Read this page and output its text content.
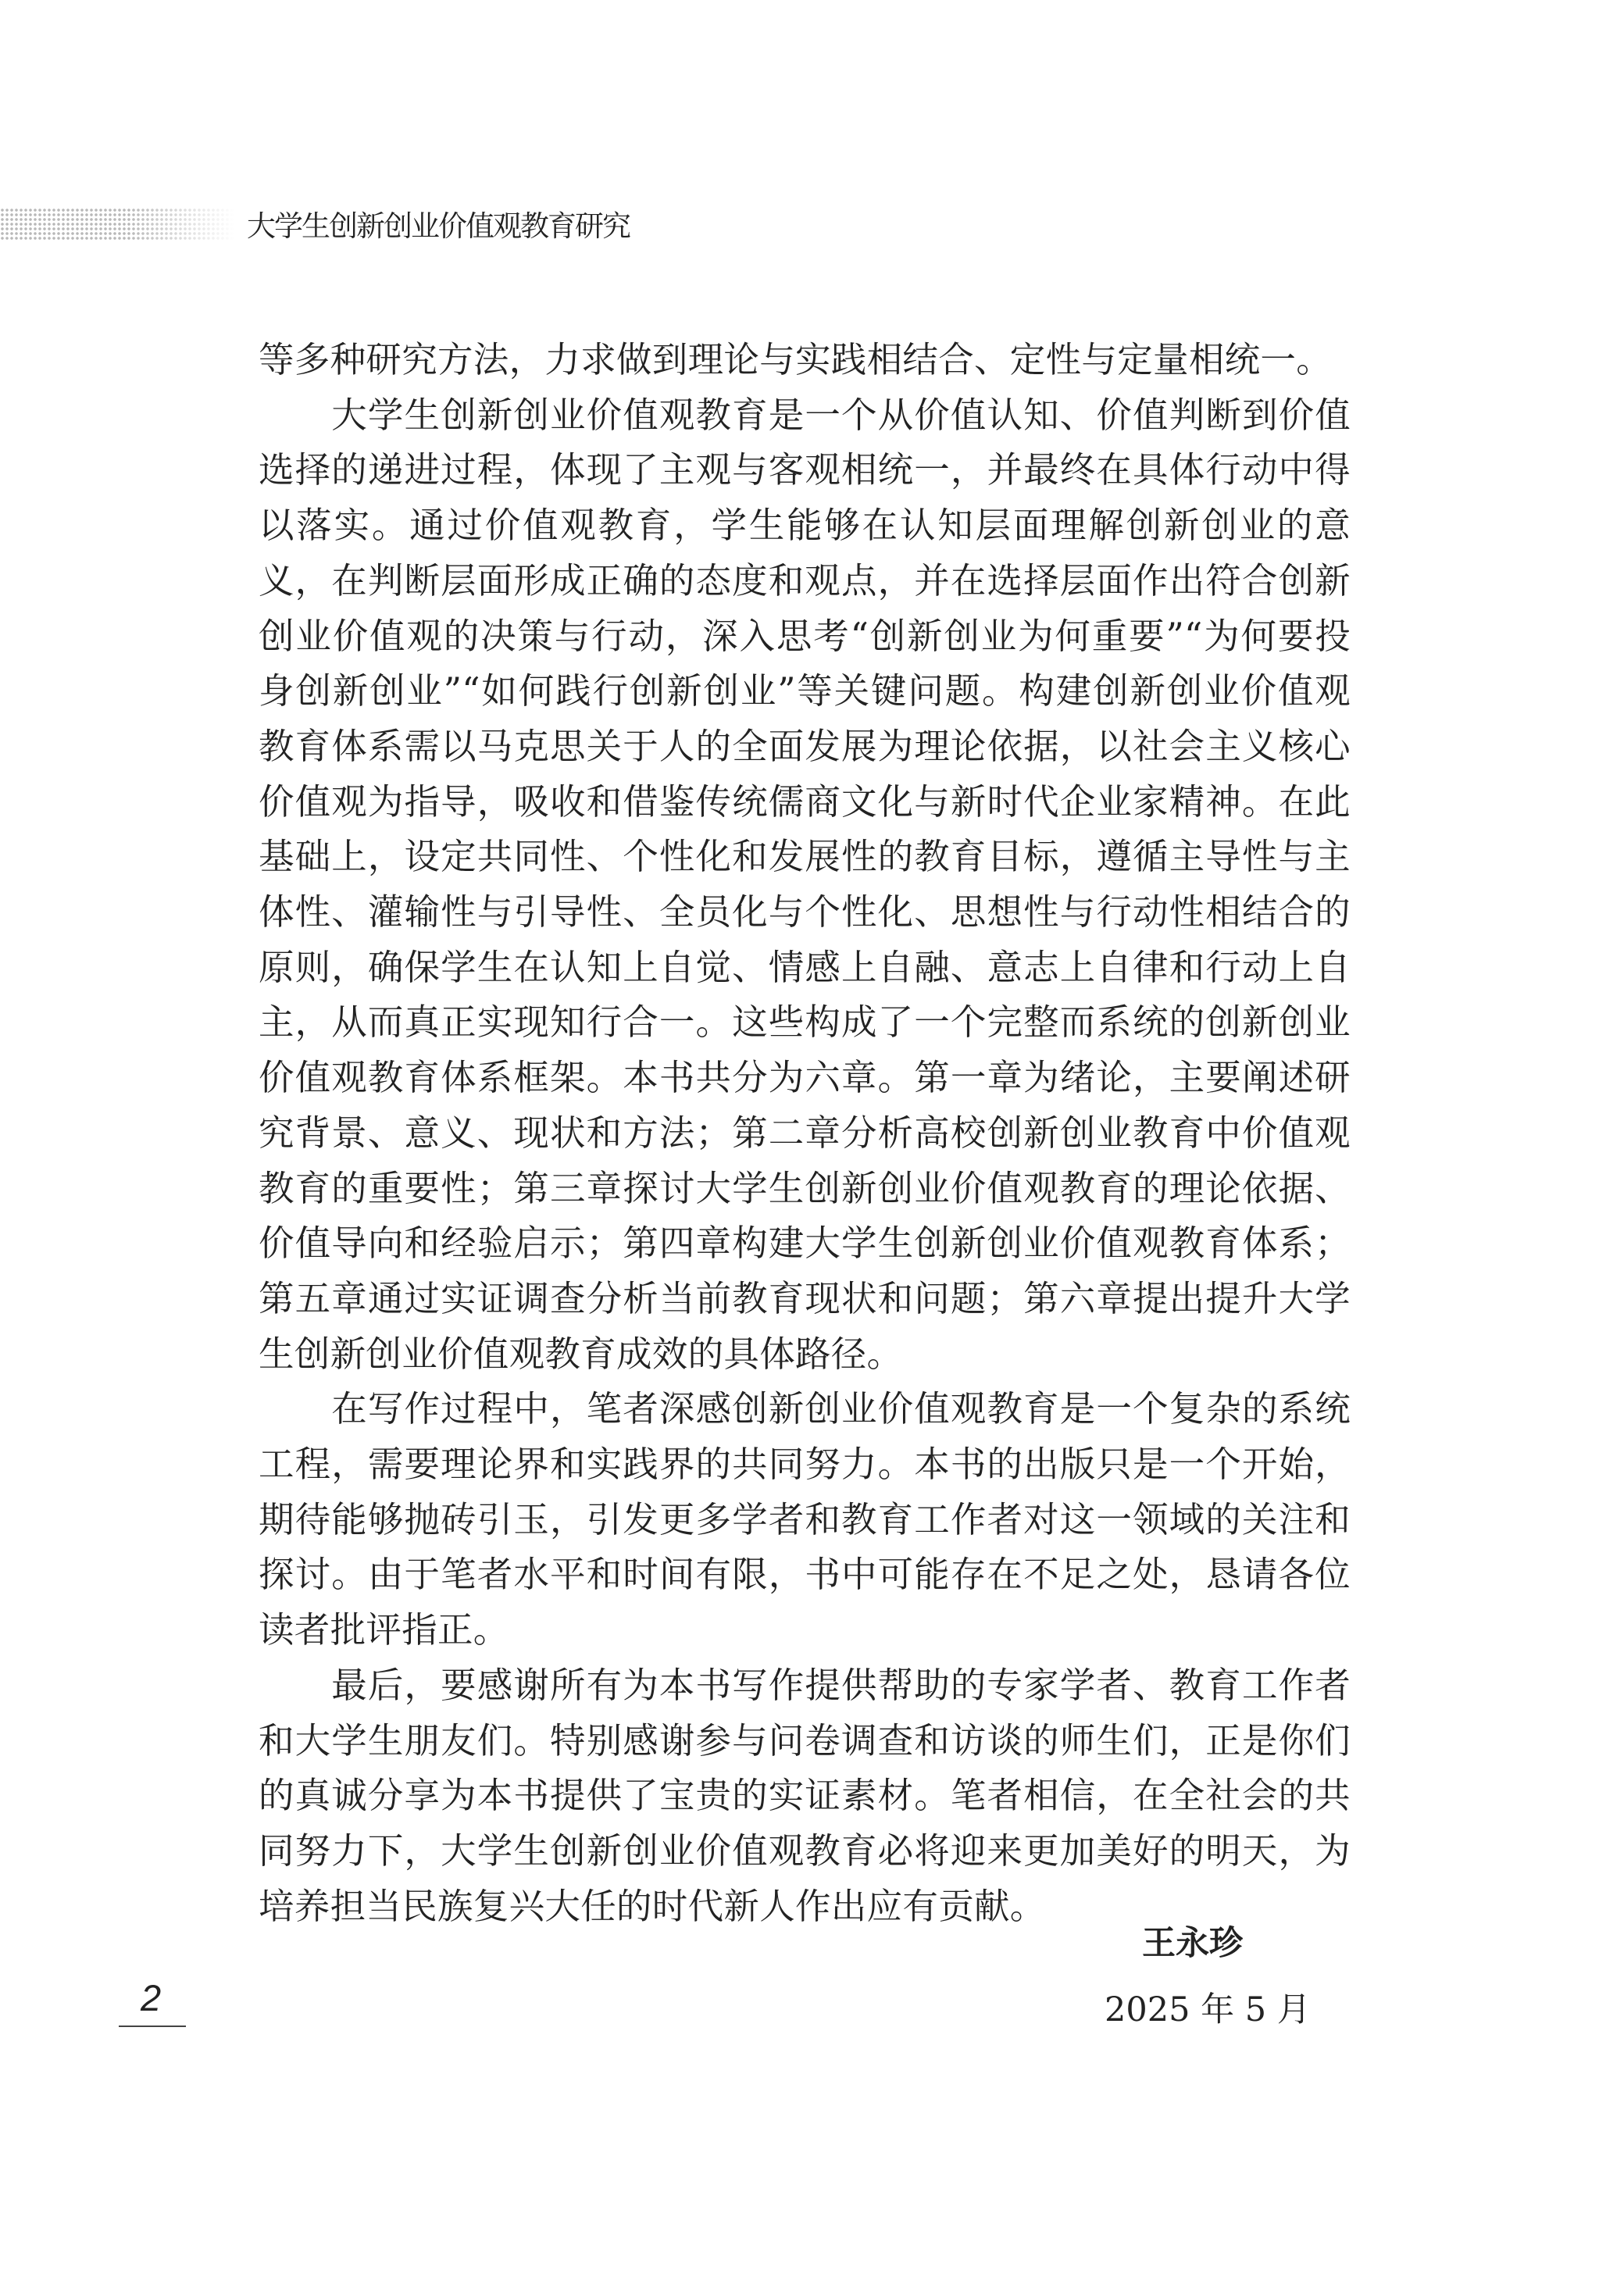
大学生创新创业价值观教育研究

等多种研究方法，力求做到理论与实践相结合、定性与定量相统一。

大学生创新创业价值观教育是一个从价值认知、价值判断到价值选择的递进过程，体现了主观与客观相统一，并最终在具体行动中得以落实。通过价值观教育，学生能够在认知层面理解创新创业的意义，在判断层面形成正确的态度和观点，并在选择层面作出符合创新创业价值观的决策与行动，深入思考“创新创业为何重要”“为何要投身创新创业”“如何践行创新创业”等关键问题。构建创新创业价值观教育体系需以马克思关于人的全面发展为理论依据，以社会主义核心价值观为指导，吸收和借鉴传统儒商文化与新时代企业家精神。在此基础上，设定共同性、个性化和发展性的教育目标，遵循主导性与主体性、灌输性与引导性、全员化与个性化、思想性与行动性相结合的原则，确保学生在认知上自觉、情感上自融、意志上自律和行动上自主，从而真正实现知行合一。这些构成了一个完整而系统的创新创业价值观教育体系框架。本书共分为六章。第一章为绪论，主要阐述研究背景、意义、现状和方法；第二章分析高校创新创业教育中价值观教育的重要性；第三章探讨大学生创新创业价值观教育的理论依据、价值导向和经验启示；第四章构建大学生创新创业价值观教育体系；第五章通过实证调查分析当前教育现状和问题；第六章提出提升大学生创新创业价值观教育成效的具体路径。

在写作过程中，笔者深感创新创业价值观教育是一个复杂的系统工程，需要理论界和实践界的共同努力。本书的出版只是一个开始，期待能够抛砖引玉，引发更多学者和教育工作者对这一领域的关注和探讨。由于笔者水平和时间有限，书中可能存在不足之处，恳请各位读者批评指正。

最后，要感谢所有为本书写作提供帮助的专家学者、教育工作者和大学生朋友们。特别感谢参与问卷调查和访谈的师生们，正是你们的真诚分享为本书提供了宝贵的实证素材。笔者相信，在全社会的共同努力下，大学生创新创业价值观教育必将迎来更加美好的明天，为培养担当民族复兴大任的时代新人作出应有贡献。

王永珍
2025 年 5 月
2
